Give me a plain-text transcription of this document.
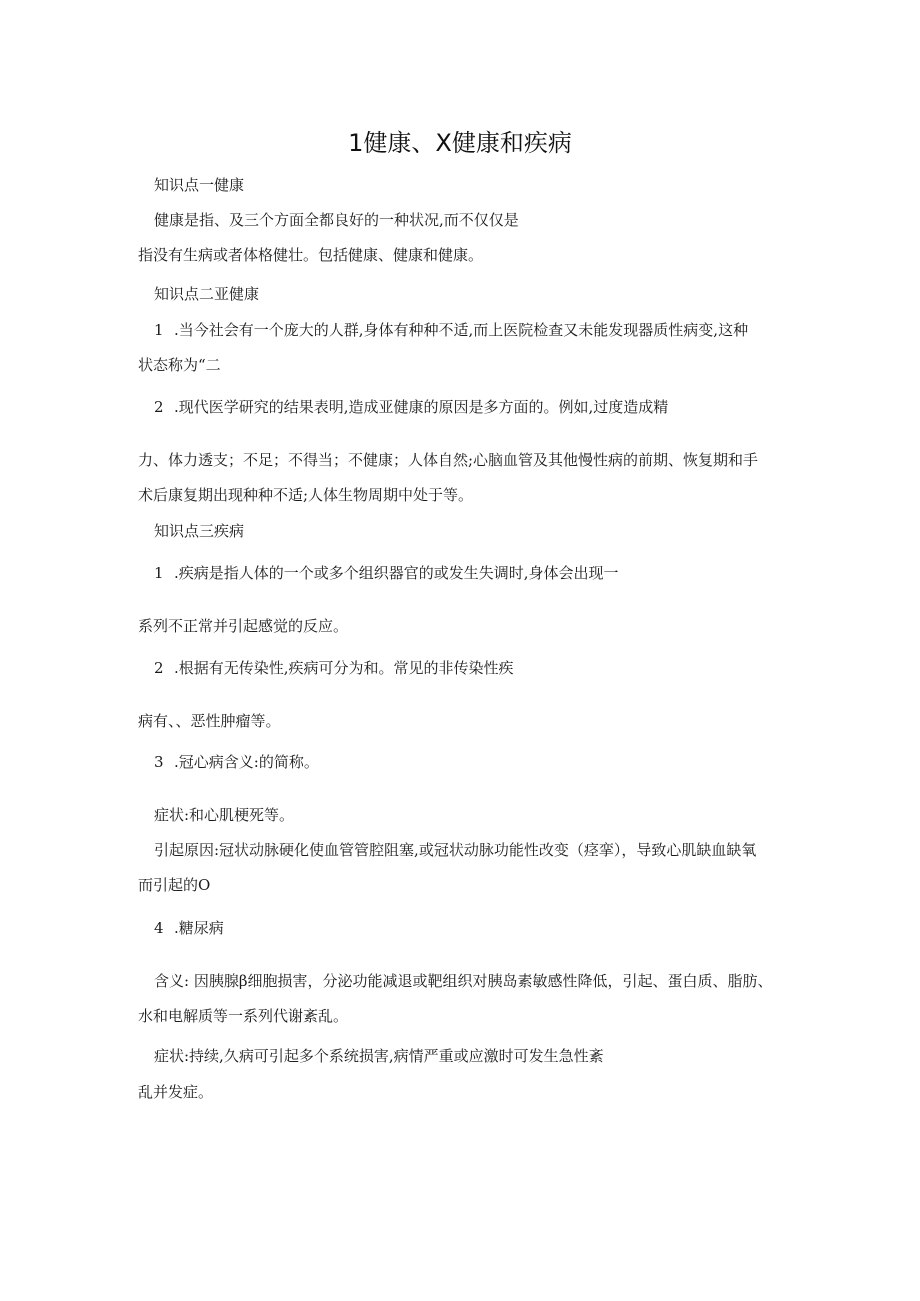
1健康、X健康和疾病
知识点一健康
健康是指、及三个方面全都良好的一种状况,而不仅仅是
指没有生病或者体格健壮。包括健康、健康和健康。
知识点二亚健康
1 .当今社会有一个庞大的人群,身体有种种不适,而上医院检查又未能发现器质性病变,这种
状态称为“二
2 .现代医学研究的结果表明,造成亚健康的原因是多方面的。例如,过度造成精
力、体力透支；不足；不得当；不健康；人体自然;心脑血管及其他慢性病的前期、恢复期和手
术后康复期出现种种不适;人体生物周期中处于等。
知识点三疾病
1 .疾病是指人体的一个或多个组织器官的或发生失调时,身体会出现一
系列不正常并引起感觉的反应。
2 .根据有无传染性,疾病可分为和。常见的非传染性疾
病有、、恶性肿瘤等。
3 .冠心病含义:的简称。
症状:和心肌梗死等。
引起原因:冠状动脉硬化使血管管腔阻塞,或冠状动脉功能性改变（痉挛），导致心肌缺血缺氧
而引起的O
4 .糖尿病
含义: 因胰腺β细胞损害，分泌功能减退或靶组织对胰岛素敏感性降低，引起、蛋白质、脂肪、
水和电解质等一系列代谢紊乱。
症状:持续,久病可引起多个系统损害,病情严重或应激时可发生急性紊
乱并发症。
